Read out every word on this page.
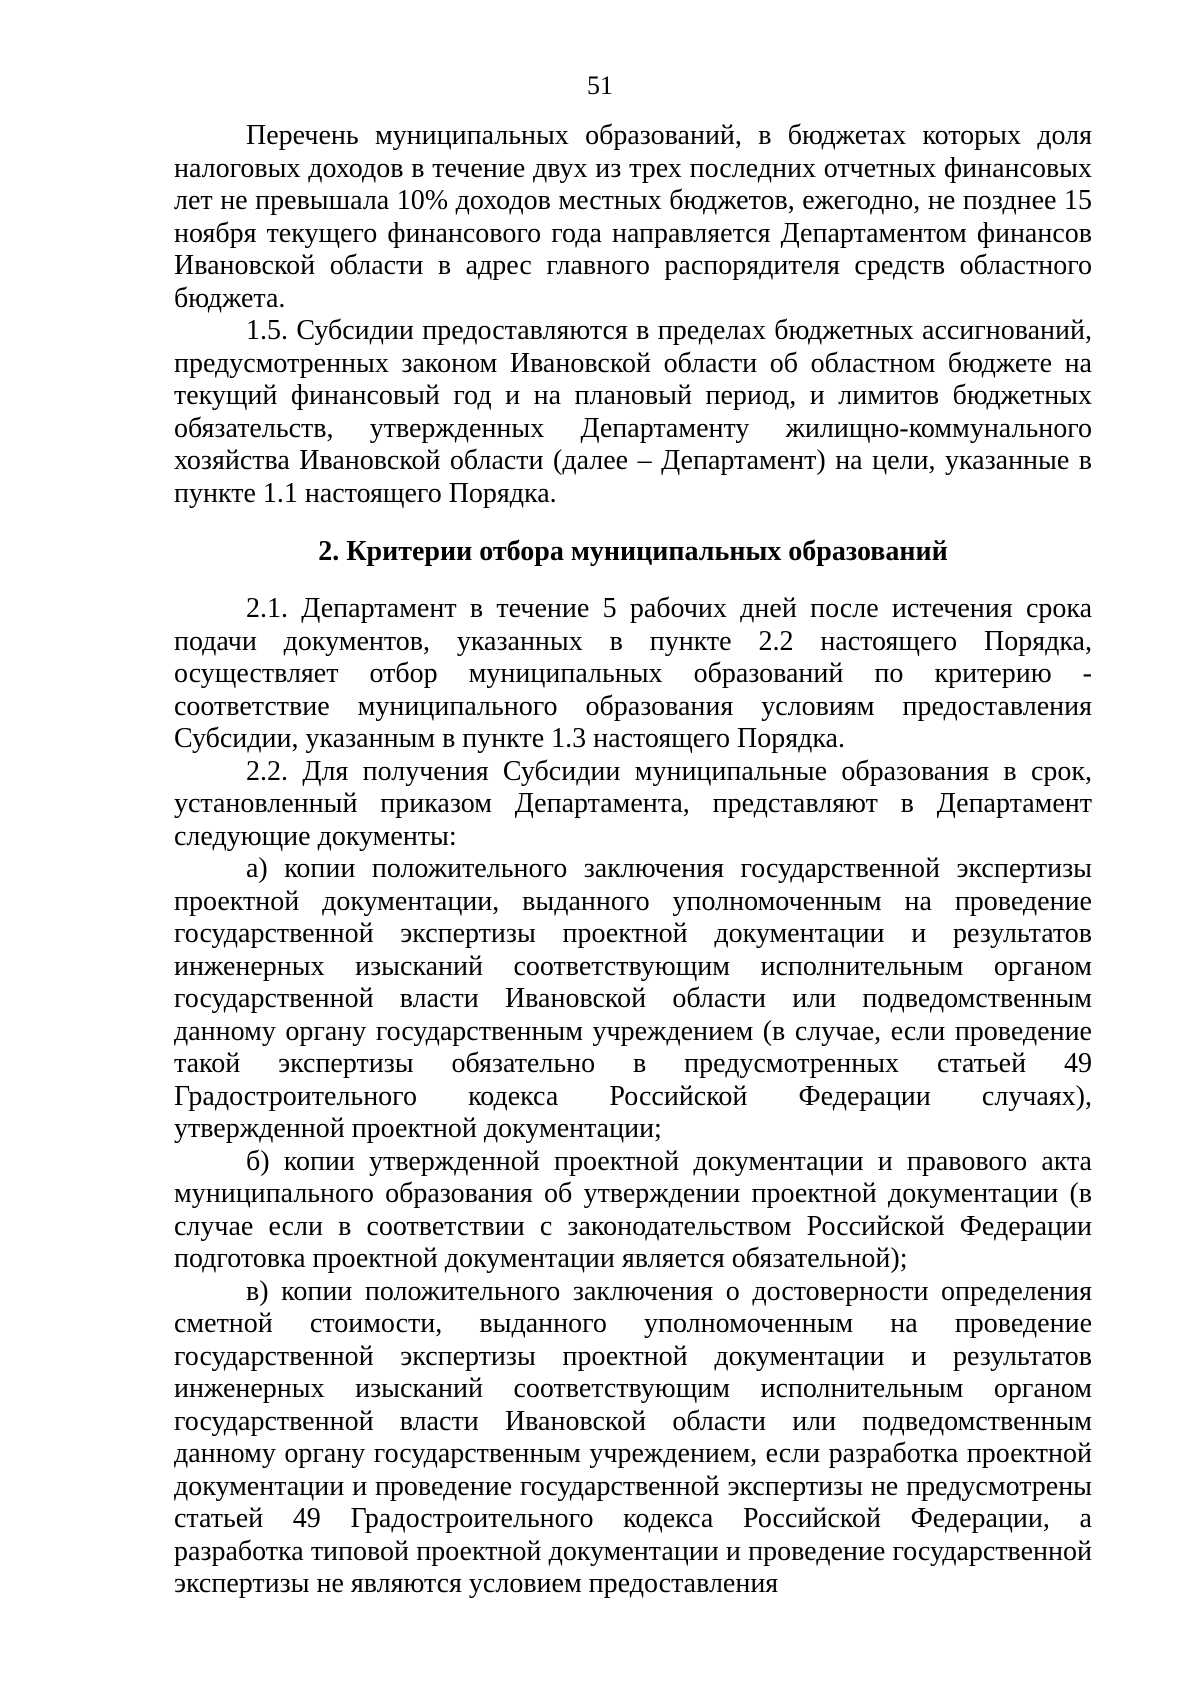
51

Перечень муниципальных образований, в бюджетах которых доля налоговых доходов в течение двух из трех последних отчетных финансовых лет не превышала 10% доходов местных бюджетов, ежегодно, не позднее 15 ноября текущего финансового года направляется Департаментом финансов Ивановской области в адрес главного распорядителя средств областного бюджета.

1.5. Субсидии предоставляются в пределах бюджетных ассигнований, предусмотренных законом Ивановской области об областном бюджете на текущий финансовый год и на плановый период, и лимитов бюджетных обязательств, утвержденных Департаменту жилищно-коммунального хозяйства Ивановской области (далее – Департамент) на цели, указанные в пункте 1.1 настоящего Порядка.

2. Критерии отбора муниципальных образований

2.1. Департамент в течение 5 рабочих дней после истечения срока подачи документов, указанных в пункте 2.2 настоящего Порядка, осуществляет отбор муниципальных образований по критерию - соответствие муниципального образования условиям предоставления Субсидии, указанным в пункте 1.3 настоящего Порядка.

2.2. Для получения Субсидии муниципальные образования в срок, установленный приказом Департамента, представляют в Департамент следующие документы:

а) копии положительного заключения государственной экспертизы проектной документации, выданного уполномоченным на проведение государственной экспертизы проектной документации и результатов инженерных изысканий соответствующим исполнительным органом государственной власти Ивановской области или подведомственным данному органу государственным учреждением (в случае, если проведение такой экспертизы обязательно в предусмотренных статьей 49 Градостроительного кодекса Российской Федерации случаях), утвержденной проектной документации;

б) копии утвержденной проектной документации и правового акта муниципального образования об утверждении проектной документации (в случае если в соответствии с законодательством Российской Федерации подготовка проектной документации является обязательной);

в) копии положительного заключения о достоверности определения сметной стоимости, выданного уполномоченным на проведение государственной экспертизы проектной документации и результатов инженерных изысканий соответствующим исполнительным органом государственной власти Ивановской области или подведомственным данному органу государственным учреждением, если разработка проектной документации и проведение государственной экспертизы не предусмотрены статьей 49 Градостроительного кодекса Российской Федерации, а разработка типовой проектной документации и проведение государственной экспертизы не являются условием предоставления
